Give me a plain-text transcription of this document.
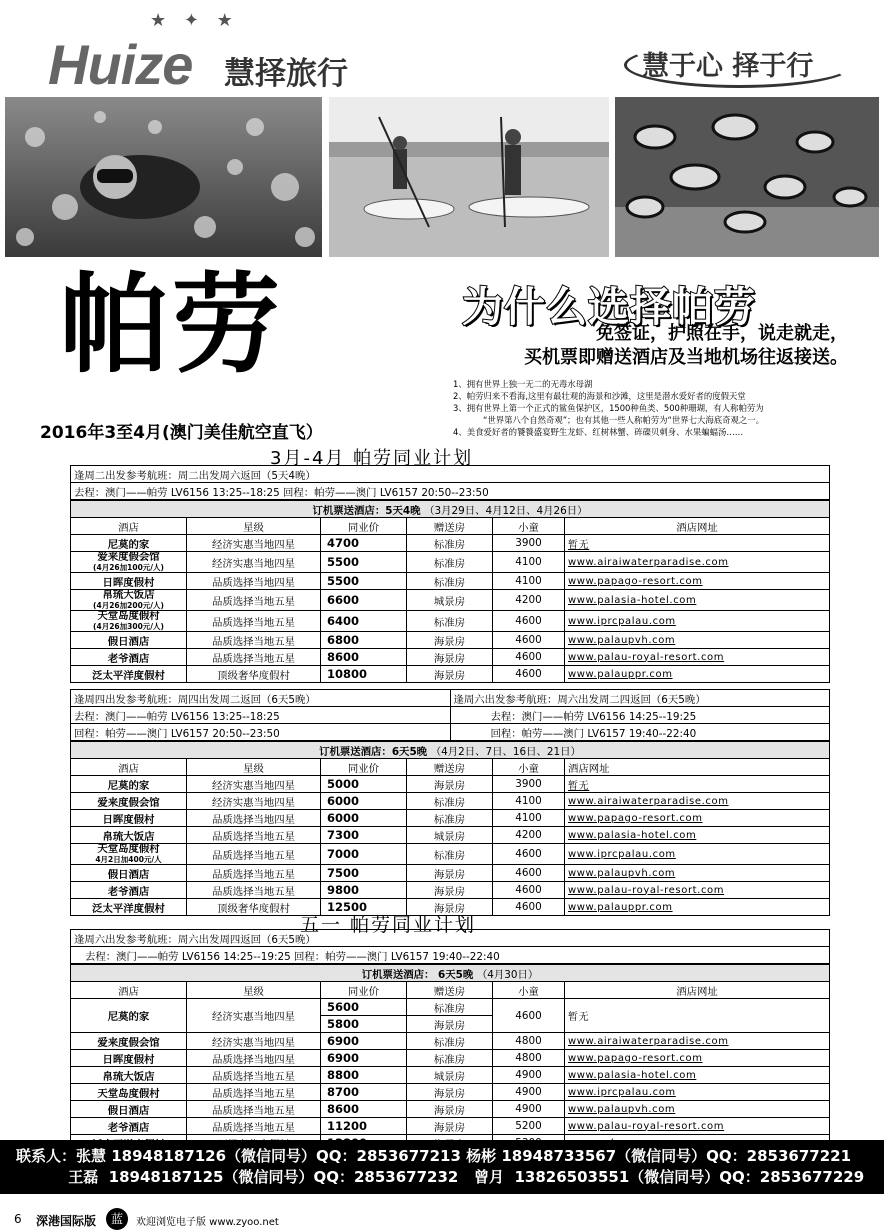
★ ✦ ★
Huize 慧择旅行	慧于心 择于行
帕劳	为什么选择帕劳
免签证，护照在手，说走就走，
买机票即赠送酒店及当地机场往返接送。
1、拥有世界上独一无二的无毒水母湖
2、帕劳归来不看海,这里有最壮观的海景和沙滩，这里是潜水爱好者的度假天堂
3、拥有世界上第一个正式的鲨鱼保护区，1500种鱼类、500种珊瑚，有人称帕劳为
“世界第八个自然奇观”；也有其他一些人称帕劳为“世界七大海底奇观之一。
4、美食爱好者的饕餮盛宴野生龙虾、红树林蟹、砗磲贝刺身、水果蝙蝠汤……
2016年3至4月(澳门美佳航空直飞）
3月-4月 帕劳同业计划
逢周二出发参考航班：周二出发周六返回（5天4晚）
去程：澳门——帕劳 LV6156 13:25--18:25 回程：帕劳——澳门 LV6157 20:50--23:50
订机票送酒店：5天4晚 （3月29日、4月12日、4月26日）					
酒店	星级	同业价	赠送房	小童	酒店网址
尼莫的家	经济实惠当地四星	4700	标准房	3900	暂无
爱来度假会馆
(4月26加100元/人)	经济实惠当地四星	5500	标准房	4100	www.airaiwaterparadise.com
日晖度假村	品质选择当地四星	5500	标准房	4100	www.papago-resort.com
帛琉大饭店
(4月26加200元/人)	品质选择当地五星	6600	城景房	4200	www.palasia-hotel.com
天堂岛度假村
(4月26加300元/人)	品质选择当地五星	6400	标准房	4600	www.iprcpalau.com
假日酒店	品质选择当地五星	6800	海景房	4600	www.palaupvh.com
老爷酒店	品质选择当地五星	8600	海景房	4600	www.palau-royal-resort.com
泛太平洋度假村	顶级奢华度假村	10800	海景房	4600	www.palauppr.com
逢周四出发参考航班：周四出发周二返回（6天5晚）	逢周六出发参考航班：周六出发周二四返回（6天5晚）
去程：澳门——帕劳 LV6156 13:25--18:25	去程：澳门——帕劳 LV6156 14:25--19:25
回程：帕劳——澳门 LV6157 20:50--23:50	回程：帕劳——澳门 LV6157 19:40--22:40
订机票送酒店：6天5晚 （4月2日、7日、16日、21日）					
酒店	星级	同业价	赠送房	小童	酒店网址
尼莫的家	经济实惠当地四星	5000	海景房	3900	暂无
爱来度假会馆	经济实惠当地四星	6000	标准房	4100	www.airaiwaterparadise.com
日晖度假村	品质选择当地四星	6000	标准房	4100	www.papago-resort.com
帛琉大饭店	品质选择当地五星	7300	城景房	4200	www.palasia-hotel.com
天堂岛度假村
4月2日加400元/人	品质选择当地五星	7000	标准房	4600	www.iprcpalau.com
假日酒店	品质选择当地五星	7500	海景房	4600	www.palaupvh.com
老爷酒店	品质选择当地五星	9800	海景房	4600	www.palau-royal-resort.com
泛太平洋度假村	顶级奢华度假村	12500	海景房	4600	www.palauppr.com
五一 帕劳同业计划
逢周六出发参考航班：周六出发周四返回（6天5晚）
去程：澳门——帕劳 LV6156 14:25--19:25 回程：帕劳——澳门 LV6157 19:40--22:40
订机票送酒店： 6天5晚 （4月30日）					
酒店	星级	同业价	赠送房	小童	酒店网址
尼莫的家	经济实惠当地四星	5600	标准房	4600	暂无
		5800	海景房		
爱来度假会馆	经济实惠当地四星	6900	标准房	4800	www.airaiwaterparadise.com
日晖度假村	品质选择当地四星	6900	标准房	4800	www.papago-resort.com
帛琉大饭店	品质选择当地五星	8800	城景房	4900	www.palasia-hotel.com
天堂岛度假村	品质选择当地五星	8700	海景房	4900	www.iprcpalau.com
假日酒店	品质选择当地五星	8600	海景房	4900	www.palaupvh.com
老爷酒店	品质选择当地五星	11200	海景房	5200	www.palau-royal-resort.com

联系人：张慧 18948187126（微信同号）QQ：2853677213 杨彬 18948733567（微信同号）QQ：2853677221
王磊  18948187125（微信同号）QQ：2853677232   曾月  13826503551（微信同号）QQ：2853677229
6 深港国际版	蓝	欢迎浏览电子版 www.zyoo.net
